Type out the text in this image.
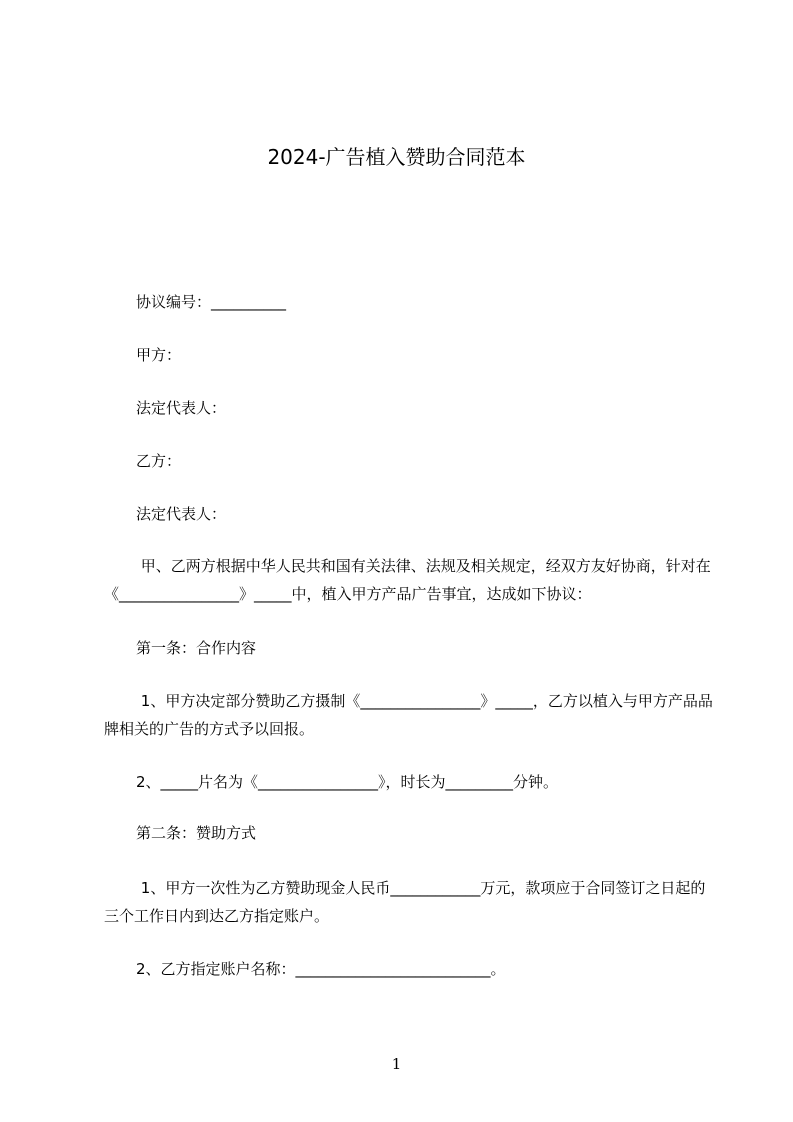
2024-广告植入赞助合同范本

协议编号：__________

甲方：

法定代表人：

乙方：

法定代表人：

甲、乙两方根据中华人民共和国有关法律、法规及相关规定，经双方友好协商，针对在《________________》_____中，植入甲方产品广告事宜，达成如下协议：

第一条：合作内容

1、甲方决定部分赞助乙方摄制《________________》_____，乙方以植入与甲方产品品牌相关的广告的方式予以回报。

2、_____片名为《________________》，时长为_________分钟。

第二条：赞助方式

1、甲方一次性为乙方赞助现金人民币____________万元，款项应于合同签订之日起的三个工作日内到达乙方指定账户。

2、乙方指定账户名称：__________________________。

1
